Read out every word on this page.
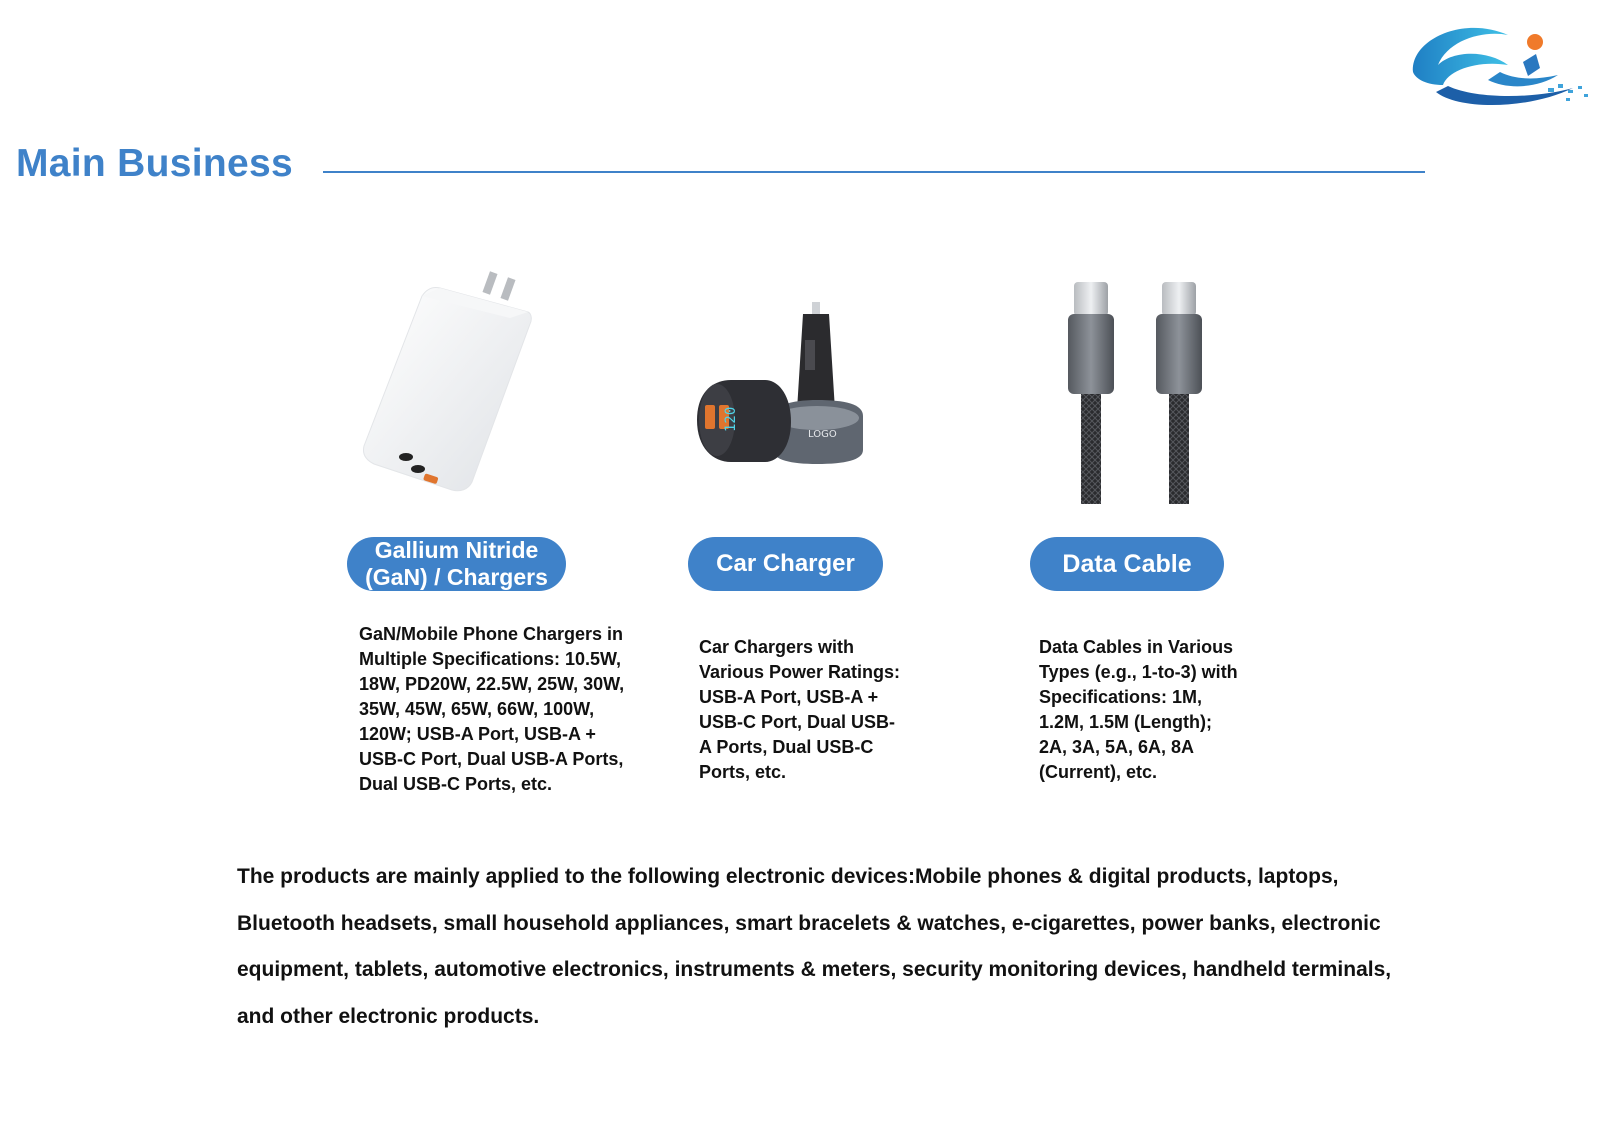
Main Business
LOGO
120
Gallium Nitride (GaN) / Chargers	Car Charger	Data Cable

GaN/Mobile Phone Chargers in Multiple Specifications: 10.5W, 18W, PD20W, 22.5W, 25W, 30W, 35W, 45W, 65W, 66W, 100W, 120W; USB-A Port, USB-A + USB-C Port, Dual USB-A Ports, Dual USB-C Ports, etc.

Car Chargers with Various Power Ratings: USB-A Port, USB-A + USB-C Port, Dual USB-A Ports, Dual USB-C Ports, etc.

Data Cables in Various Types (e.g., 1-to-3) with Specifications: 1M, 1.2M, 1.5M (Length); 2A, 3A, 5A, 6A, 8A (Current), etc.

The products are mainly applied to the following electronic devices:Mobile phones & digital products, laptops, Bluetooth headsets, small household appliances, smart bracelets & watches, e-cigarettes, power banks, electronic equipment, tablets, automotive electronics, instruments & meters, security monitoring devices, handheld terminals, and other electronic products.
